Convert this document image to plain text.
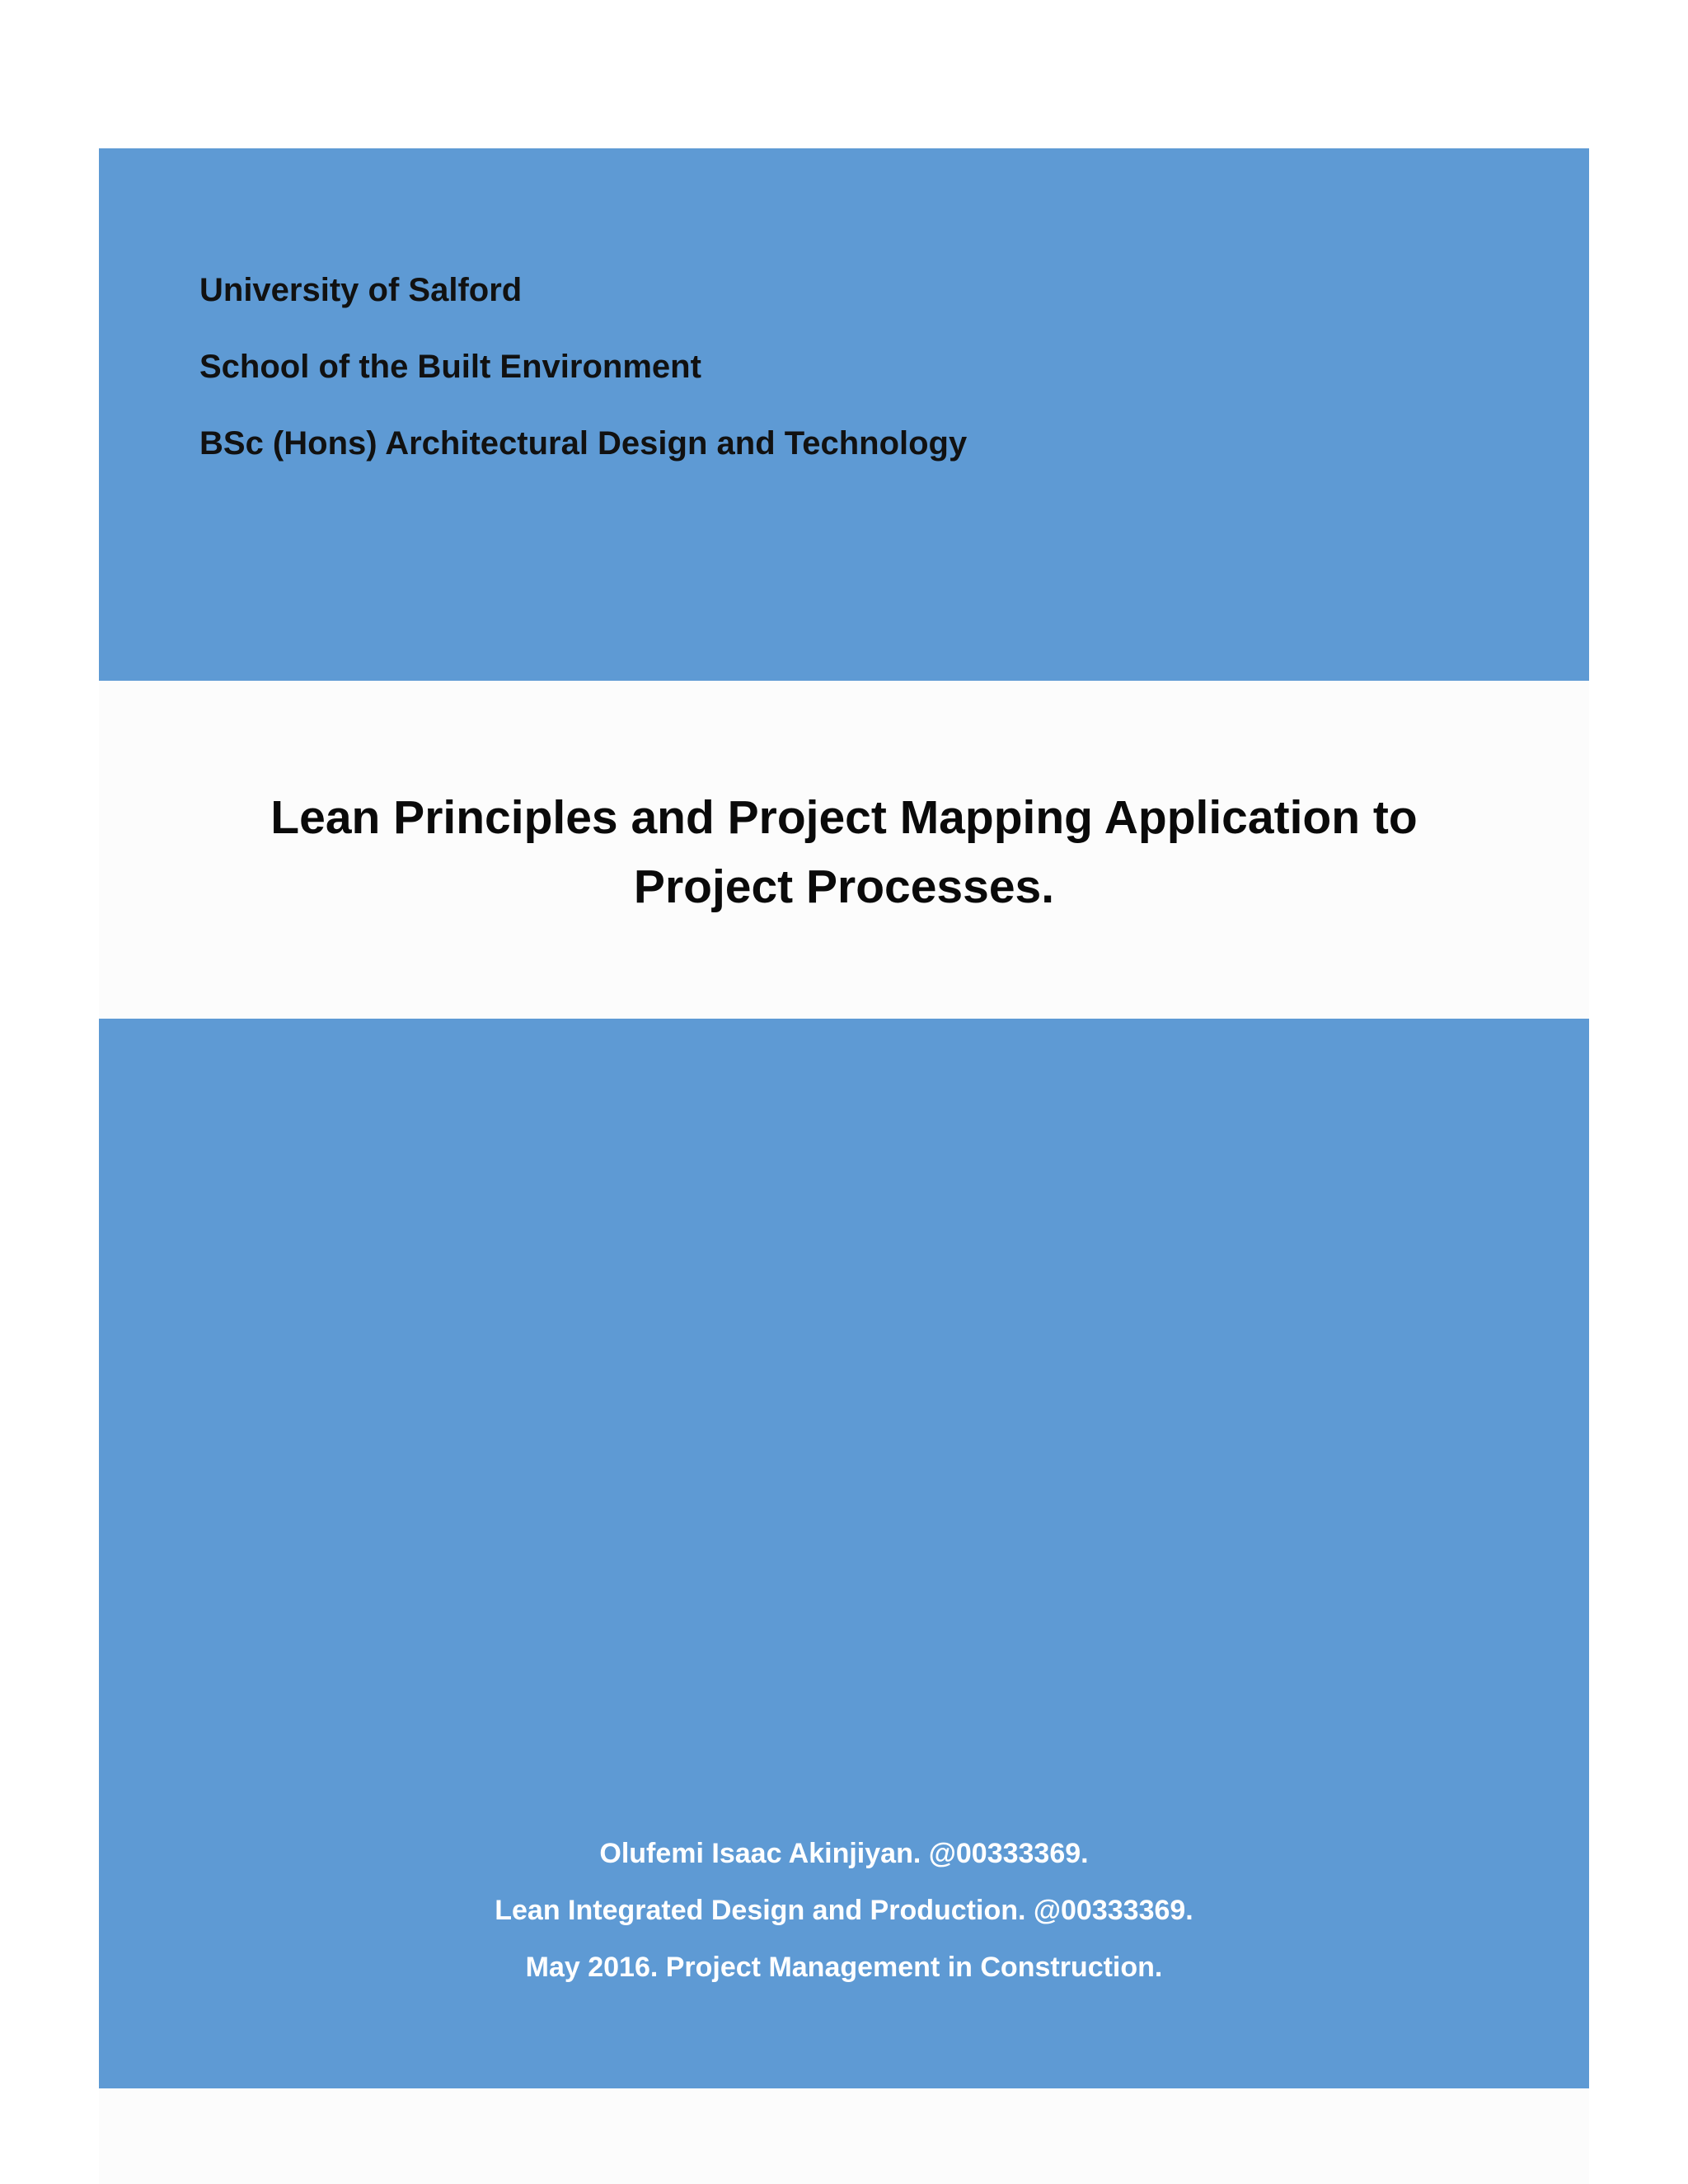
University of Salford
School of the Built Environment
BSc (Hons) Architectural Design and Technology
Lean Principles and Project Mapping Application to
Project Processes.
Olufemi Isaac Akinjiyan. @00333369.
Lean Integrated Design and Production. @00333369.
May 2016. Project Management in Construction.
